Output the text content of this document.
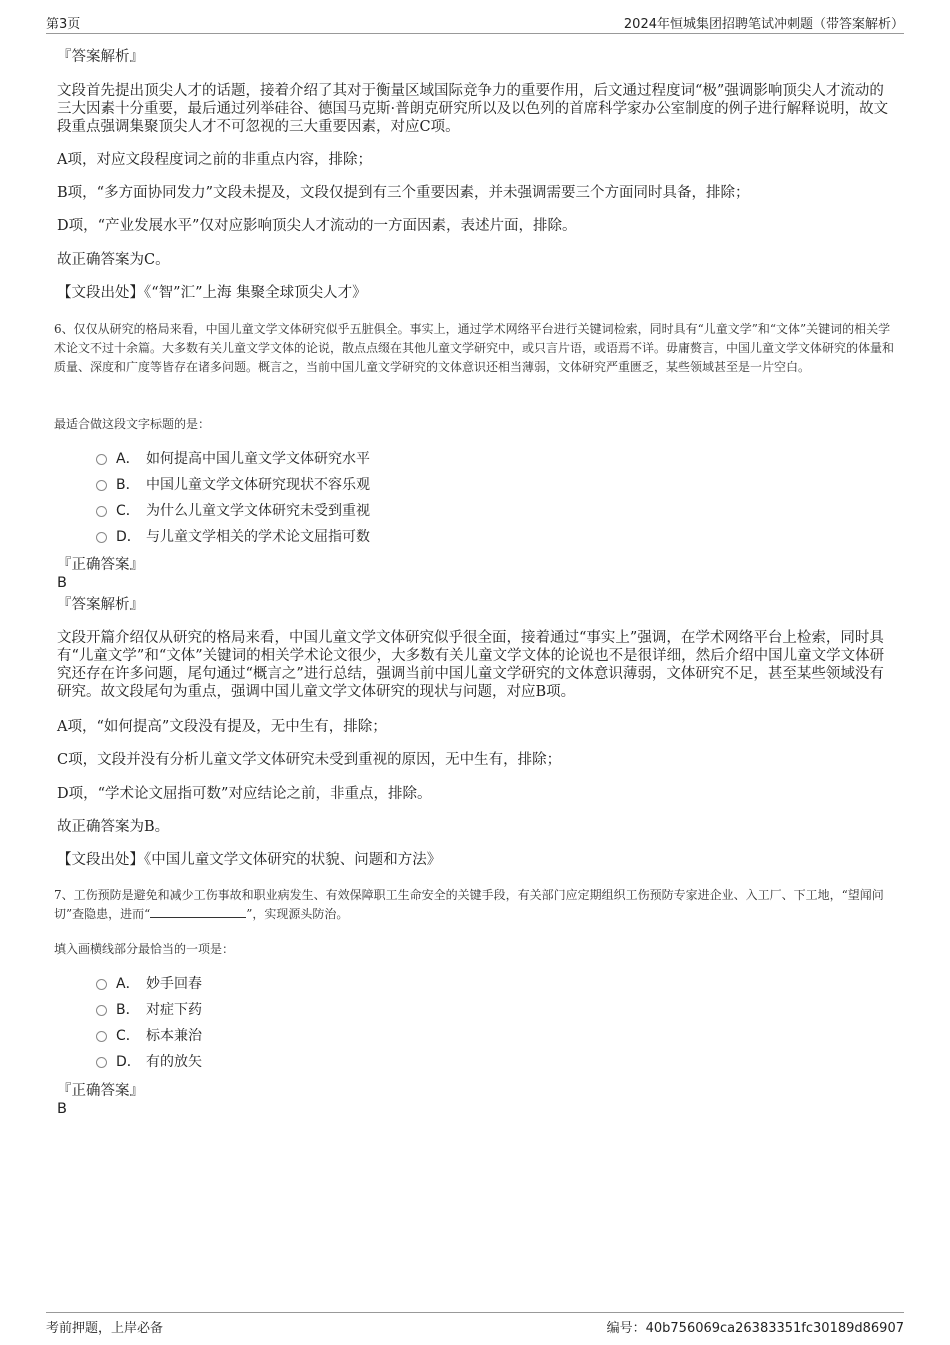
第3页	2024年恒城集团招聘笔试冲刺题（带答案解析）

『答案解析』

文段首先提出顶尖人才的话题，接着介绍了其对于衡量区域国际竞争力的重要作用，后文通过程度词“极”强调影响顶尖人才流动的三大因素十分重要，最后通过列举硅谷、德国马克斯·普朗克研究所以及以色列的首席科学家办公室制度的例子进行解释说明，故文段重点强调集聚顶尖人才不可忽视的三大重要因素，对应C项。

A项，对应文段程度词之前的非重点内容，排除；

B项，“多方面协同发力”文段未提及，文段仅提到有三个重要因素，并未强调需要三个方面同时具备，排除；

D项，“产业发展水平”仅对应影响顶尖人才流动的一方面因素，表述片面，排除。

故正确答案为C。

【文段出处】《“智”汇”上海 集聚全球顶尖人才》

6、仅仅从研究的格局来看，中国儿童文学文体研究似乎五脏俱全。事实上，通过学术网络平台进行关键词检索，同时具有“儿童文学”和“文体”关键词的相关学术论文不过十余篇。大多数有关儿童文学文体的论说，散点点缀在其他儿童文学研究中，或只言片语，或语焉不详。毋庸赘言，中国儿童文学文体研究的体量和质量、深度和广度等皆存在诸多问题。概言之，当前中国儿童文学研究的文体意识还相当薄弱，文体研究严重匮乏，某些领域甚至是一片空白。

最适合做这段文字标题的是：

A． 如何提高中国儿童文学文体研究水平
B． 中国儿童文学文体研究现状不容乐观
C． 为什么儿童文学文体研究未受到重视
D． 与儿童文学相关的学术论文屈指可数

『正确答案』

B

『答案解析』

文段开篇介绍仅从研究的格局来看，中国儿童文学文体研究似乎很全面，接着通过“事实上”强调，在学术网络平台上检索，同时具有“儿童文学”和“文体”关键词的相关学术论文很少，大多数有关儿童文学文体的论说也不是很详细，然后介绍中国儿童文学文体研究还存在许多问题，尾句通过“概言之”进行总结，强调当前中国儿童文学研究的文体意识薄弱，文体研究不足，甚至某些领域没有研究。故文段尾句为重点，强调中国儿童文学文体研究的现状与问题，对应B项。

A项，“如何提高”文段没有提及，无中生有，排除；

C项，文段并没有分析儿童文学文体研究未受到重视的原因，无中生有，排除；

D项，“学术论文屈指可数”对应结论之前，非重点，排除。

故正确答案为B。

【文段出处】《中国儿童文学文体研究的状貌、问题和方法》

7、工伤预防是避免和减少工伤事故和职业病发生、有效保障职工生命安全的关键手段，有关部门应定期组织工伤预防专家进企业、入工厂、下工地，“望闻问切”查隐患，进而“	”，实现源头防治。

填入画横线部分最恰当的一项是：

A． 妙手回春
B． 对症下药
C． 标本兼治
D． 有的放矢

『正确答案』

B

考前押题，上岸必备	编号：40b756069ca26383351fc30189d86907
